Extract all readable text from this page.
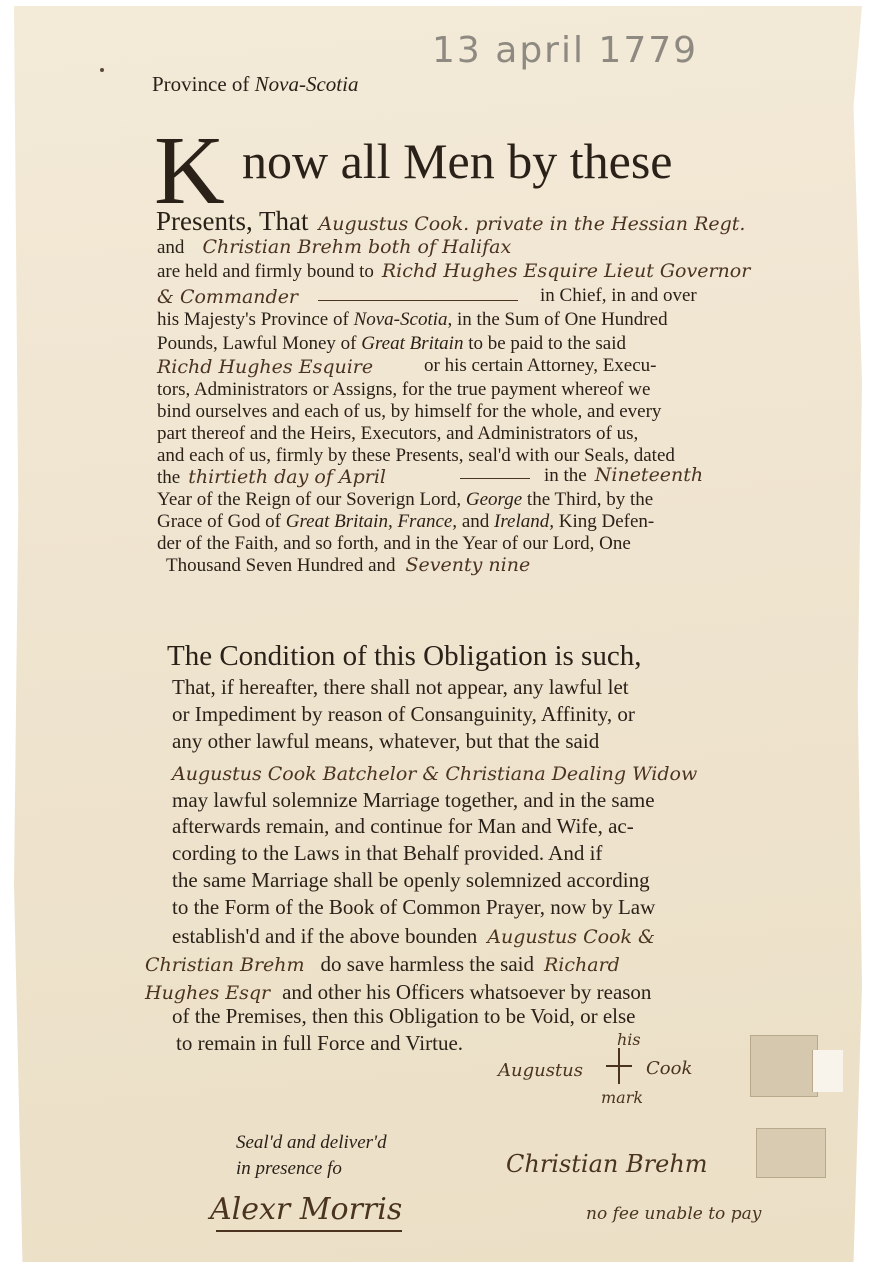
Province of Nova-Scotia
13 april 1779
K now all Men by these
Presents, That Augustus Cook. private in the Hessian Regt.
and Christian Brehm both of Halifax
are held and firmly bound to Richd Hughes Esquire Lieut Governor
& Commander	in Chief, in and over
his Majesty's Province of Nova-Scotia, in the Sum of One Hundred
Pounds, Lawful Money of Great Britain to be paid to the said
Richd Hughes Esquire	or his certain Attorney, Execu-
tors, Administrators or Assigns, for the true payment whereof we
bind ourselves and each of us, by himself for the whole, and every
part thereof and the Heirs, Executors, and Administrators of us,
and each of us, firmly by these Presents, seal'd with our Seals, dated
the thirtieth day of April	in the Nineteenth
Year of the Reign of our Soverign Lord, George the Third, by the
Grace of God of Great Britain, France, and Ireland, King Defen-
der of the Faith, and so forth, and in the Year of our Lord, One
Thousand Seven Hundred and Seventy nine
The Condition of this Obligation is such,
That, if hereafter, there shall not appear, any lawful let
or Impediment by reason of Consanguinity, Affinity, or
any other lawful means, whatever, but that the said
Augustus Cook Batchelor & Christiana Dealing Widow
may lawful solemnize Marriage together, and in the same
afterwards remain, and continue for Man and Wife, ac-
cording to the Laws in that Behalf provided. And if
the same Marriage shall be openly solemnized according
to the Form of the Book of Common Prayer, now by Law
establish'd and if the above bounden Augustus Cook &
Christian Brehm do save harmless the said Richard
Hughes Esqr and other his Officers whatsoever by reason
of the Premises, then this Obligation to be Void, or else
to remain in full Force and Virtue.	his
Augustus	Cook
mark
Seal'd and deliver'd
in presence fo	Christian Brehm
Alexr Morris	no fee unable to pay
